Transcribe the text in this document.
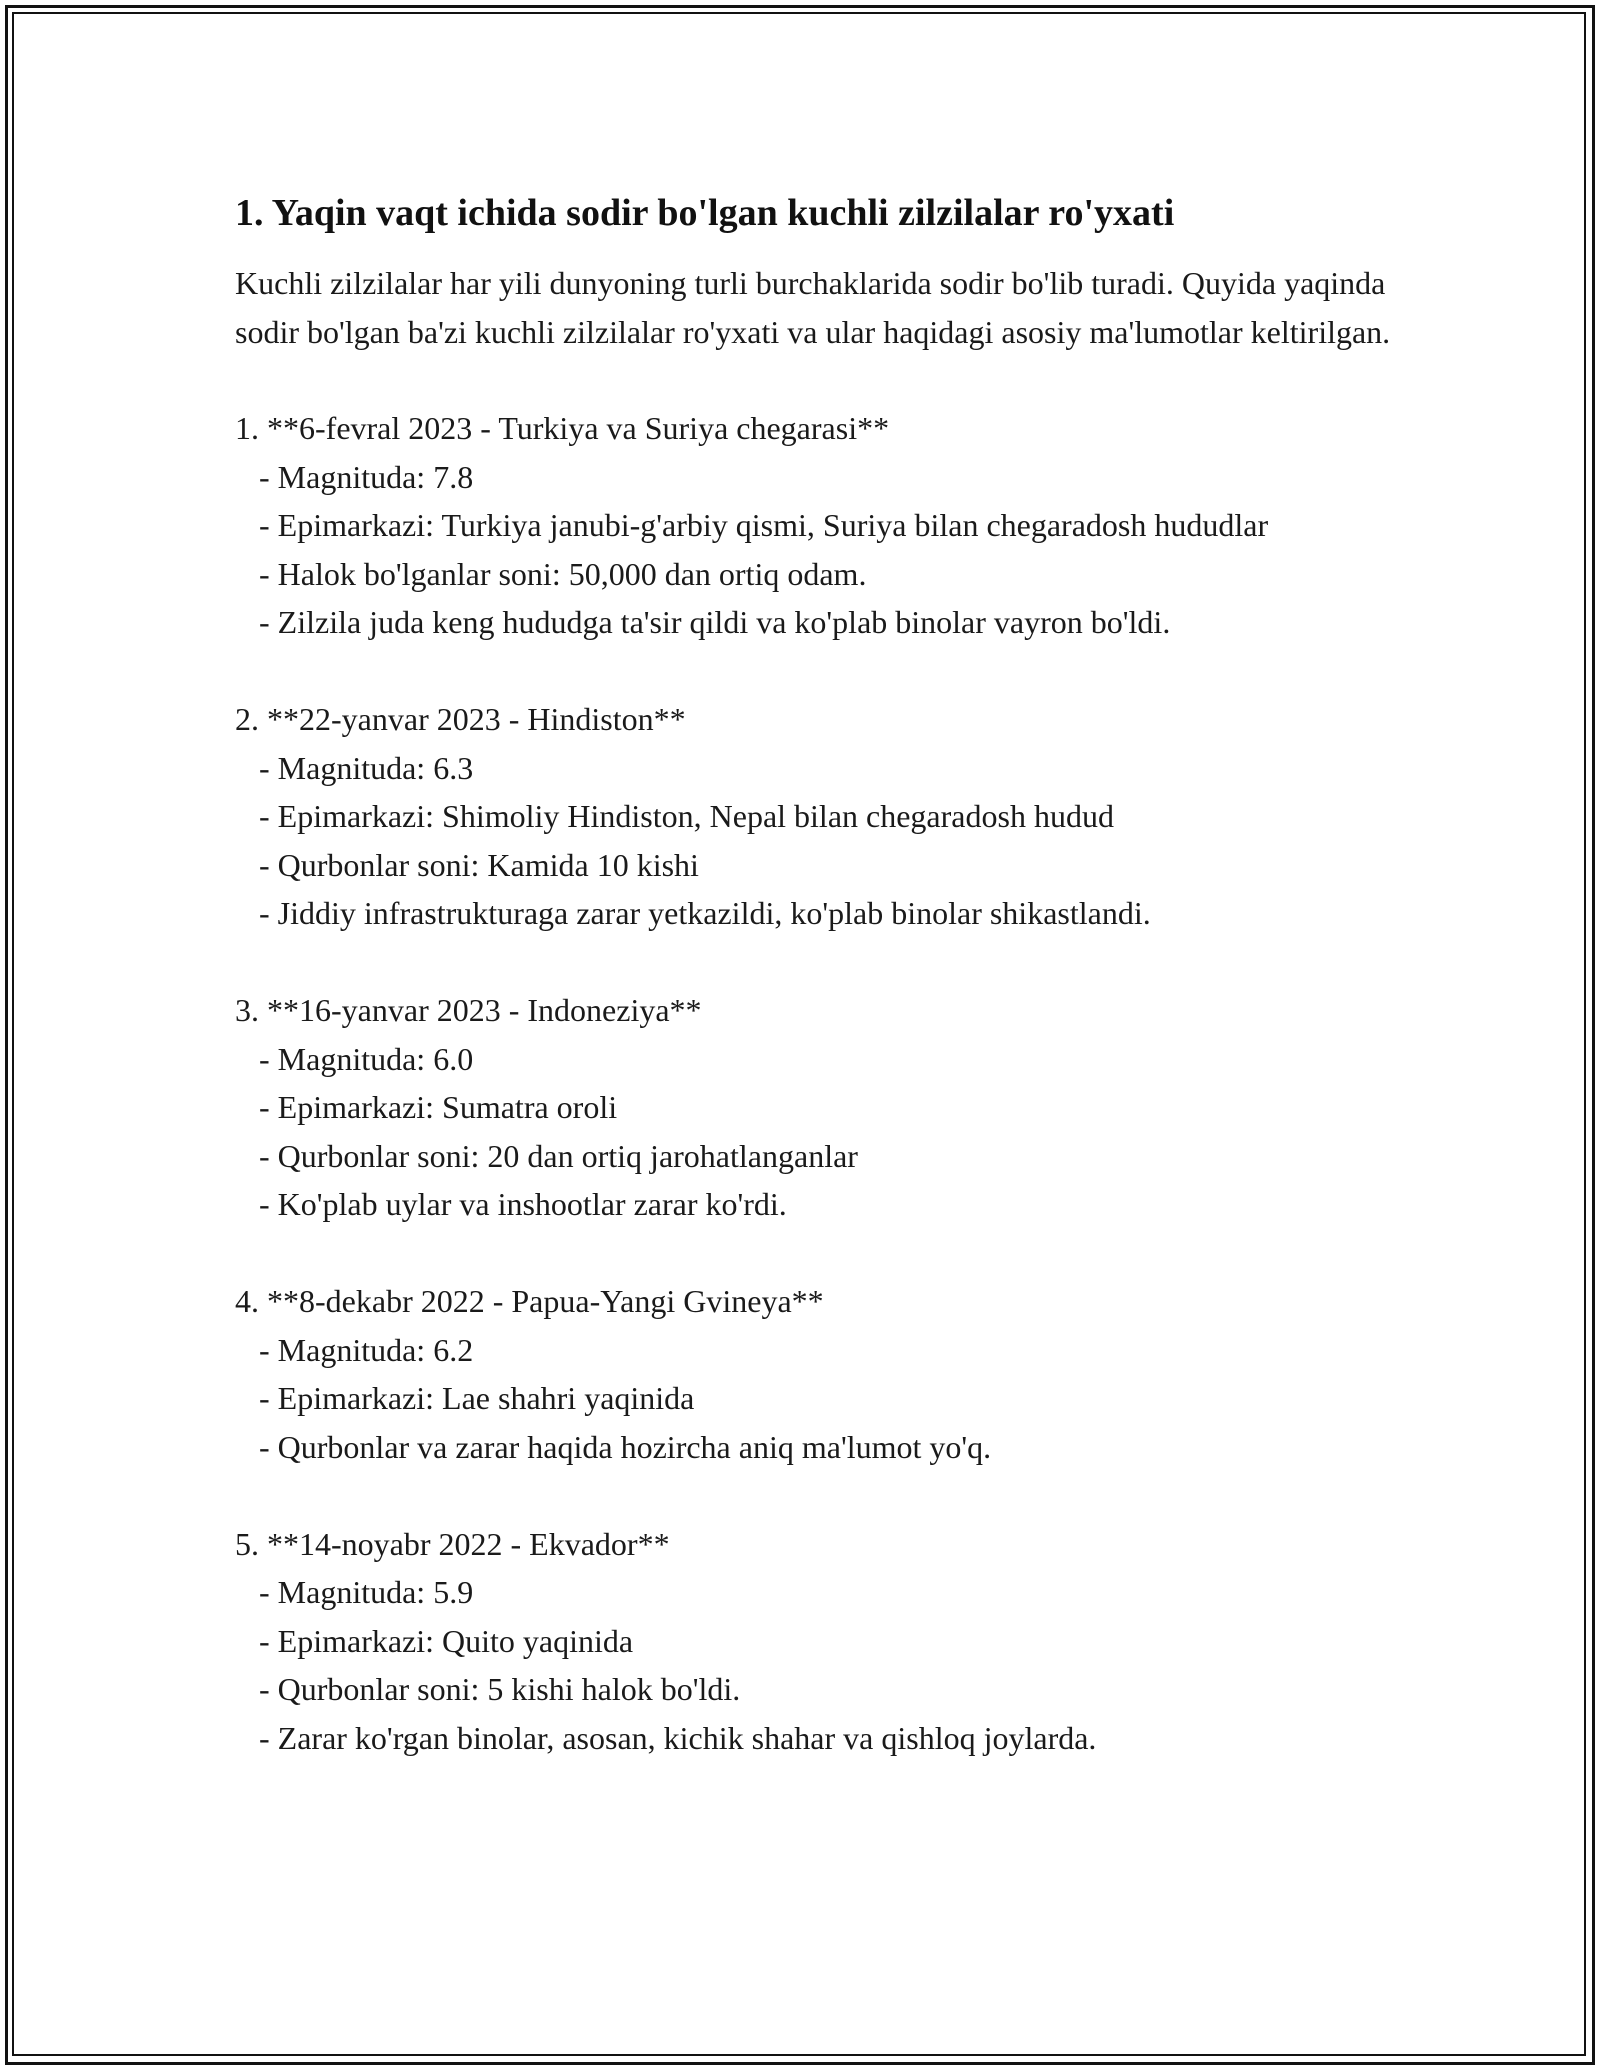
1. Yaqin vaqt ichida sodir bo'lgan kuchli zilzilalar ro'yxati

Kuchli zilzilalar har yili dunyoning turli burchaklarida sodir bo'lib turadi. Quyida yaqinda sodir bo'lgan ba'zi kuchli zilzilalar ro'yxati va ular haqidagi asosiy ma'lumotlar keltirilgan.

1. **6-fevral 2023 - Turkiya va Suriya chegarasi**
- Magnituda: 7.8
- Epimarkazi: Turkiya janubi-g'arbiy qismi, Suriya bilan chegaradosh hududlar
- Halok bo'lganlar soni: 50,000 dan ortiq odam.
- Zilzila juda keng hududga ta'sir qildi va ko'plab binolar vayron bo'ldi.
2. **22-yanvar 2023 - Hindiston**
- Magnituda: 6.3
- Epimarkazi: Shimoliy Hindiston, Nepal bilan chegaradosh hudud
- Qurbonlar soni: Kamida 10 kishi
- Jiddiy infrastrukturaga zarar yetkazildi, ko'plab binolar shikastlandi.
3. **16-yanvar 2023 - Indoneziya**
- Magnituda: 6.0
- Epimarkazi: Sumatra oroli
- Qurbonlar soni: 20 dan ortiq jarohatlanganlar
- Ko'plab uylar va inshootlar zarar ko'rdi.
4. **8-dekabr 2022 - Papua-Yangi Gvineya**
- Magnituda: 6.2
- Epimarkazi: Lae shahri yaqinida
- Qurbonlar va zarar haqida hozircha aniq ma'lumot yo'q.
5. **14-noyabr 2022 - Ekvador**
- Magnituda: 5.9
- Epimarkazi: Quito yaqinida
- Qurbonlar soni: 5 kishi halok bo'ldi.
- Zarar ko'rgan binolar, asosan, kichik shahar va qishloq joylarda.
